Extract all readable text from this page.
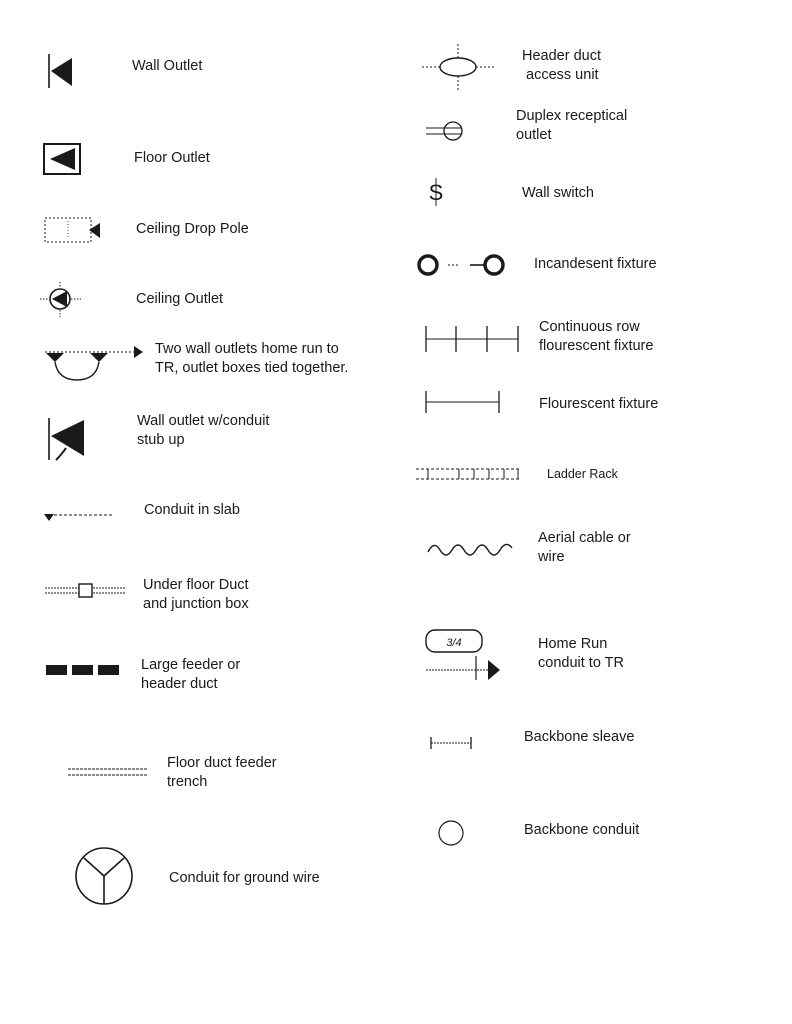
Wall Outlet
Floor Outlet
Ceiling Drop Pole
Ceiling Outlet
Two wall outlets home run to
TR, outlet boxes tied together.
Wall outlet w/conduit
stub up
Conduit in slab
Under floor Duct
and junction box
Large feeder or
header duct
Floor duct feeder
trench
Conduit for ground wire
Header duct
access unit
Duplex receptical
outlet
S	Wall switch
Incandesent fixture
Continuous row
flourescent fixture
Flourescent fixture
Ladder Rack
Aerial cable or
wire
3/4	Home Run
conduit to TR
Backbone sleave
Backbone conduit
